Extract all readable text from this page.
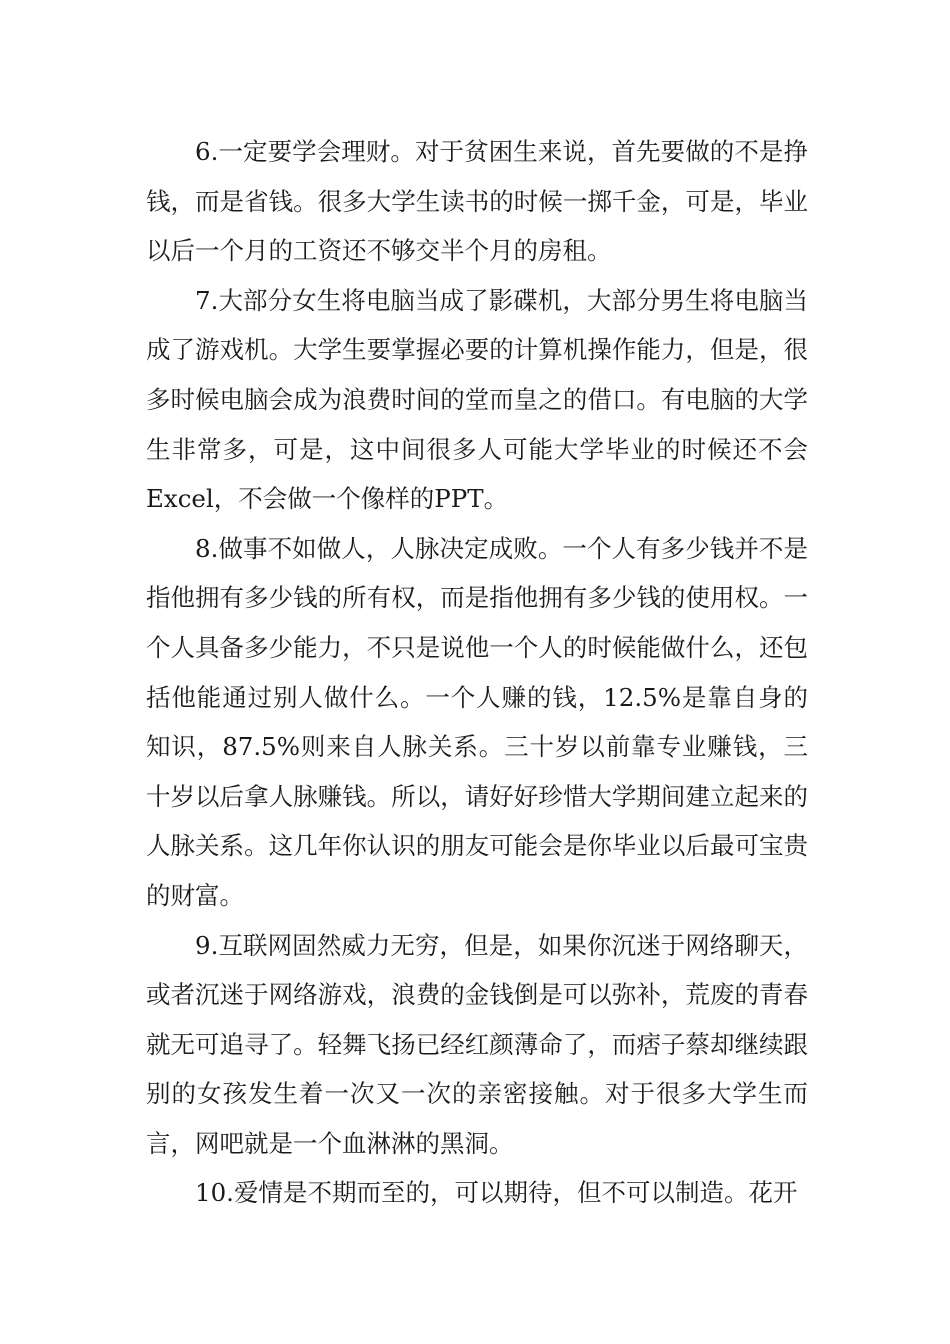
6.一定要学会理财。对于贫困生来说，首先要做的不是挣钱，而是省钱。很多大学生读书的时候一掷千金，可是，毕业以后一个月的工资还不够交半个月的房租。

7.大部分女生将电脑当成了影碟机，大部分男生将电脑当成了游戏机。大学生要掌握必要的计算机操作能力，但是，很多时候电脑会成为浪费时间的堂而皇之的借口。有电脑的大学生非常多，可是，这中间很多人可能大学毕业的时候还不会Excel，不会做一个像样的PPT。

8.做事不如做人，人脉决定成败。一个人有多少钱并不是指他拥有多少钱的所有权，而是指他拥有多少钱的使用权。一个人具备多少能力，不只是说他一个人的时候能做什么，还包括他能通过别人做什么。一个人赚的钱，12.5%是靠自身的知识，87.5%则来自人脉关系。三十岁以前靠专业赚钱，三十岁以后拿人脉赚钱。所以，请好好珍惜大学期间建立起来的人脉关系。这几年你认识的朋友可能会是你毕业以后最可宝贵的财富。

9.互联网固然威力无穷，但是，如果你沉迷于网络聊天，或者沉迷于网络游戏，浪费的金钱倒是可以弥补，荒废的青春就无可追寻了。轻舞飞扬已经红颜薄命了，而痞子蔡却继续跟别的女孩发生着一次又一次的亲密接触。对于很多大学生而言，网吧就是一个血淋淋的黑洞。

10.爱情是不期而至的，可以期待，但不可以制造。花开
